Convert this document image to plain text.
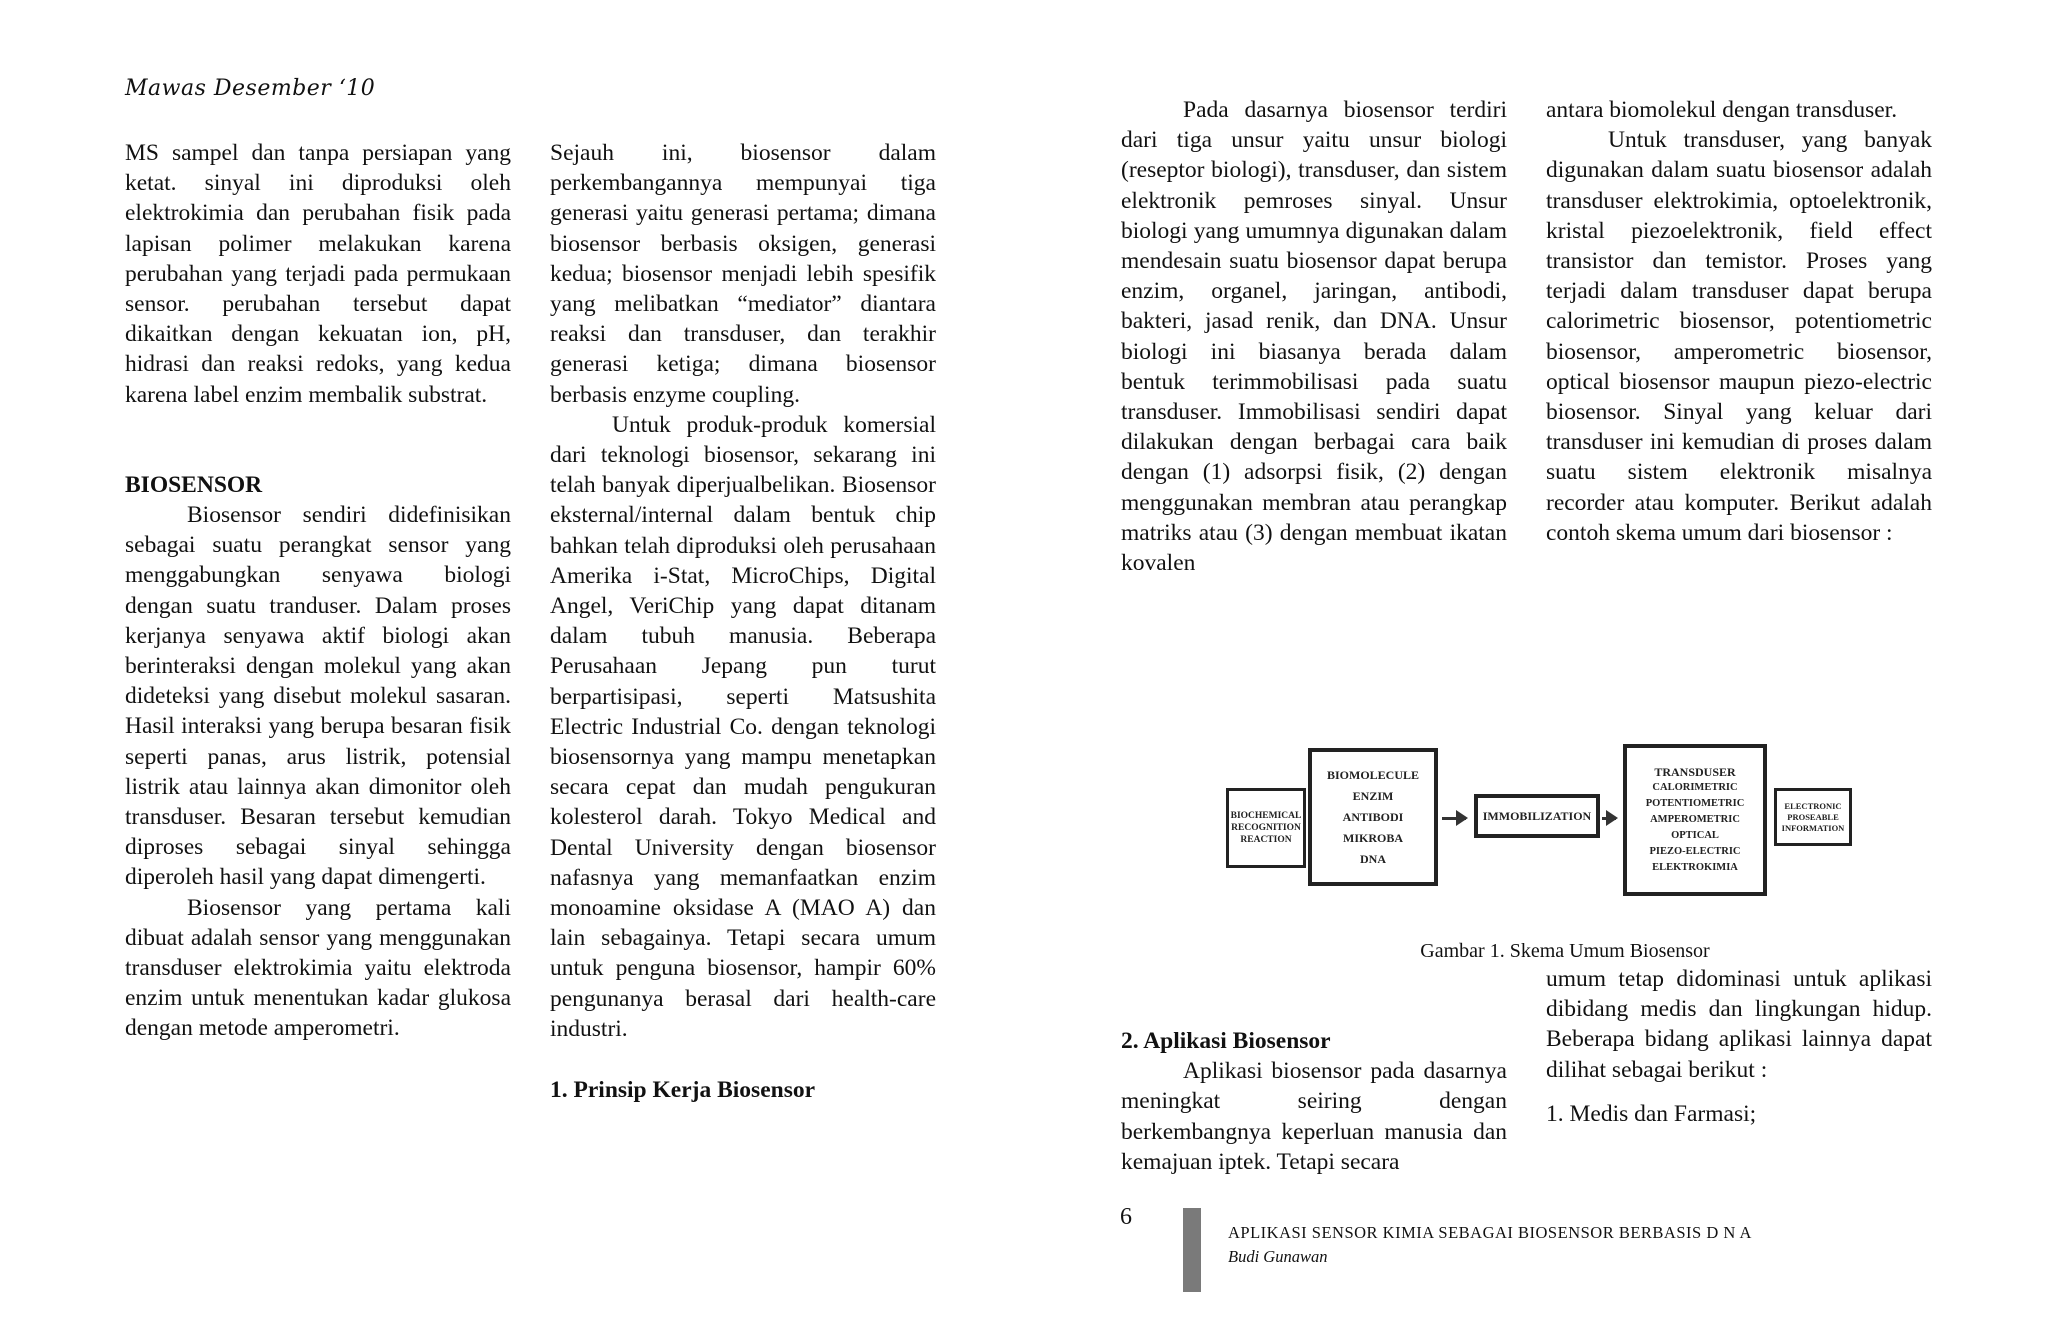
Mawas Desember ‘10

MS sampel dan tanpa persiapan yang ketat. sinyal ini diproduksi oleh elektrokimia dan perubahan fisik pada lapisan polimer melakukan karena perubahan yang terjadi pada permukaan sensor. perubahan tersebut dapat dikaitkan dengan kekuatan ion, pH, hidrasi dan reaksi redoks, yang kedua karena label enzim membalik substrat.

BIOSENSOR

Biosensor sendiri didefinisikan sebagai suatu perangkat sensor yang menggabungkan senyawa biologi dengan suatu tranduser. Dalam proses kerjanya senyawa aktif biologi akan berinteraksi dengan molekul yang akan dideteksi yang disebut molekul sasaran. Hasil interaksi yang berupa besaran fisik seperti panas, arus listrik, potensial listrik atau lainnya akan dimonitor oleh transduser. Besaran tersebut kemudian diproses sebagai sinyal sehingga diperoleh hasil yang dapat dimengerti.

Biosensor yang pertama kali dibuat adalah sensor yang menggunakan transduser elektrokimia yaitu elektroda enzim untuk menentukan kadar glukosa dengan metode amperometri.

Sejauh ini, biosensor dalam perkembangannya mempunyai tiga generasi yaitu generasi pertama; dimana biosensor berbasis oksigen, generasi kedua; biosensor menjadi lebih spesifik yang melibatkan “mediator” diantara reaksi dan transduser, dan terakhir generasi ketiga; dimana biosensor berbasis enzyme coupling.

Untuk produk-produk komersial dari teknologi biosensor, sekarang ini telah banyak diperjualbelikan. Biosensor eksternal/internal dalam bentuk chip bahkan telah diproduksi oleh perusahaan Amerika i-Stat, MicroChips, Digital Angel, VeriChip yang dapat ditanam dalam tubuh manusia. Beberapa Perusahaan Jepang pun turut berpartisipasi, seperti Matsushita Electric Industrial Co. dengan teknologi biosensornya yang mampu menetapkan secara cepat dan mudah pengukuran kolesterol darah. Tokyo Medical and Dental University dengan biosensor nafasnya yang memanfaatkan enzim monoamine oksidase A (MAO A) dan lain sebagainya. Tetapi secara umum untuk penguna biosensor, hampir 60% pengunanya berasal dari health-care industri.

1. Prinsip Kerja Biosensor

Pada dasarnya biosensor terdiri dari tiga unsur yaitu unsur biologi (reseptor biologi), transduser, dan sistem elektronik pemroses sinyal. Unsur biologi yang umumnya digunakan dalam mendesain suatu biosensor dapat berupa enzim, organel, jaringan, antibodi, bakteri, jasad renik, dan DNA. Unsur biologi ini biasanya berada dalam bentuk terimmobilisasi pada suatu transduser. Immobilisasi sendiri dapat dilakukan dengan berbagai cara baik dengan (1) adsorpsi fisik, (2) dengan menggunakan membran atau perangkap matriks atau (3) dengan membuat ikatan kovalen

antara biomolekul dengan transduser.

Untuk transduser, yang banyak digunakan dalam suatu biosensor adalah transduser elektrokimia, optoelektronik, kristal piezoelektronik, field effect transistor dan temistor. Proses yang terjadi dalam transduser dapat berupa calorimetric biosensor, potentiometric biosensor, amperometric biosensor, optical biosensor maupun piezo-electric biosensor. Sinyal yang keluar dari transduser ini kemudian di proses dalam suatu sistem elektronik misalnya recorder atau komputer. Berikut adalah contoh skema umum dari biosensor :

BIOCHEMICAL
RECOGNITION
REACTION
BIOMOLECULE
ENZIM
ANTIBODI
MIKROBA
DNA
IMMOBILIZATION
TRANSDUSER
CALORIMETRIC
POTENTIOMETRIC
AMPEROMETRIC
OPTICAL
PIEZO-ELECTRIC
ELEKTROKIMIA
ELECTRONIC
PROSEABLE
INFORMATION
Gambar 1. Skema Umum Biosensor
2. Aplikasi Biosensor

Aplikasi biosensor pada dasarnya meningkat seiring dengan berkembangnya keperluan manusia dan kemajuan iptek. Tetapi secara

umum tetap didominasi untuk aplikasi dibidang medis dan lingkungan hidup. Beberapa bidang aplikasi lainnya dapat dilihat sebagai berikut :

1. Medis dan Farmasi;

6
APLIKASI SENSOR KIMIA SEBAGAI BIOSENSOR BERBASIS D N A
Budi Gunawan
